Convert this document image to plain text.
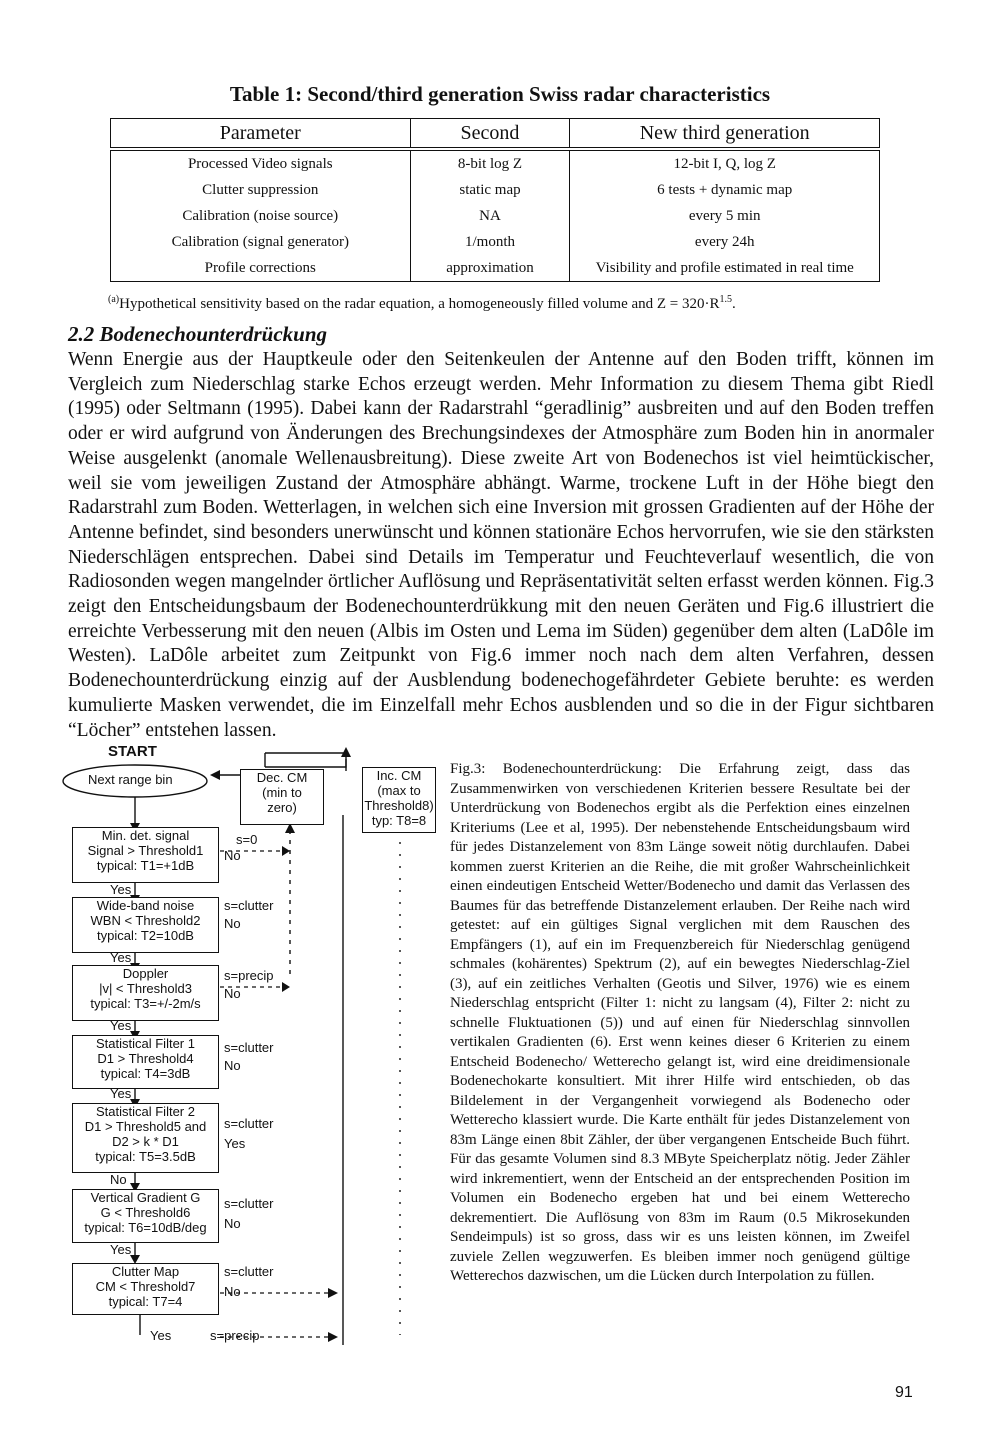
Table 1: Second/third generation Swiss radar characteristics
Parameter	Second	New third generation
Processed Video signals	8-bit log Z	12-bit I, Q, log Z
Clutter suppression	static map	6 tests + dynamic map
Calibration (noise source)	NA	every 5 min
Calibration (signal generator)	1/month	every 24h
Profile corrections	approximation	Visibility and profile estimated in real time
$^{(a)}$Hypothetical sensitivity based on the radar equation, a homogeneously filled volume and $Z = 320\cdot R^{1.5}$.
2.2 Bodenechounterdrückung
Wenn Energie aus der Hauptkeule oder den Seitenkeulen der Antenne auf den Boden trifft, können im Vergleich zum Niederschlag starke Echos erzeugt werden. Mehr Information zu diesem Thema gibt Riedl (1995) oder Seltmann (1995). Dabei kann der Radarstrahl “geradlinig” ausbreiten und auf den Boden treffen oder er wird aufgrund von Änderungen des Brechungsindexes der Atmosphäre zum Boden hin in anormaler Weise ausgelenkt (anomale Wellenausbreitung). Diese zweite Art von Bodenechos ist viel heimtückischer, weil sie vom jeweiligen Zustand der Atmosphäre abhängt. Warme, trockene Luft in der Höhe biegt den Radarstrahl zum Boden. Wetterlagen, in welchen sich eine Inversion mit grossen Gradienten auf der Höhe der Antenne befindet, sind besonders unerwünscht und können stationäre Echos hervorrufen, wie sie den stärksten Niederschlägen entsprechen. Dabei sind Details im Temperatur und Feuchteverlauf wesentlich, die von Radiosonden wegen mangelnder örtlicher Auflösung und Repräsentativität selten erfasst werden können. Fig.3 zeigt den Entscheidungsbaum der Bodenechounterdrükkung mit den neuen Geräten und Fig.6 illustriert die erreichte Verbesserung mit den neuen (Albis im Osten und Lema im Süden) gegenüber dem alten (LaDôle im Westen). LaDôle arbeitet zum Zeitpunkt von Fig.6 immer noch nach dem alten Verfahren, dessen Bodenechounterdrückung einzig auf der Ausblendung bodenechogefährdeter Gebiete beruhte: es werden kumulierte Masken verwendet, die im Einzelfall mehr Echos ausblenden und so die in der Figur sichtbaren “Löcher” entstehen lassen.
START
Next range bin	Dec. CM
(min to
zero)
Inc. CM
(max to
Threshold8)
typ: T8=8
Min. det. signal
Signal > Threshold1
typical: T1=+1dB
s=0
No
Yes
Wide-band noise
WBN < Threshold2
typical: T2=10dB
s=clutter
No
Yes
Doppler
|v| < Threshold3
typical: T3=+/-2m/s
s=precip
No
Yes
Statistical Filter 1
D1 > Threshold4
typical: T4=3dB
s=clutter
No
Yes
Statistical Filter 2
D1 > Threshold5 and
D2 > k * D1
typical: T5=3.5dB
s=clutter
Yes
No
Vertical Gradient G
G < Threshold6
typical: T6=10dB/deg
s=clutter
No
Yes
Clutter Map
CM < Threshold7
typical: T7=4
s=clutter
No
Yes	s=precip
Fig.3: Bodenechounterdrückung: Die Erfahrung zeigt, dass das Zusammenwirken von verschiedenen Kriterien bessere Resultate bei der Unterdrückung von Bodenechos ergibt als die Perfektion eines einzelnen Kriteriums (Lee et al, 1995). Der nebenstehende Entscheidungsbaum wird für jedes Distanzelement von 83m Länge soweit nötig durchlaufen. Dabei kommen zuerst Kriterien an die Reihe, die mit großer Wahrscheinlichkeit einen eindeutigen Entscheid Wetter/Bodenecho und damit das Verlassen des Baumes für das betreffende Distanzelement erlauben. Der Reihe nach wird getestet: auf ein gültiges Signal verglichen mit dem Rauschen des Empfängers (1), auf ein im Frequenzbereich für Niederschlag genügend schmales (kohärentes) Spektrum (2), auf ein bewegtes Niederschlag-Ziel (3), auf ein zeitliches Verhalten (Geotis und Silver, 1976) wie es einem Niederschlag entspricht (Filter 1: nicht zu langsam (4), Filter 2: nicht zu schnelle Fluktuationen (5)) und auf einen für Niederschlag sinnvollen vertikalen Gradienten (6). Erst wenn keines dieser 6 Kriterien zu einem Entscheid Bodenecho/ Wetterecho gelangt ist, wird eine dreidimensionale Bodenechokarte konsultiert. Mit ihrer Hilfe wird entschieden, ob das Bildelement in der Vergangenheit vorwiegend als Bodenecho oder Wetterecho klassiert wurde. Die Karte enthält für jedes Distanzelement von 83m Länge einen 8bit Zähler, der über vergangenen Entscheide Buch führt. Für das gesamte Volumen sind 8.3 MByte Speicherplatz nötig. Jeder Zähler wird inkrementiert, wenn der Entscheid an der entsprechenden Position im Volumen ein Bodenecho ergeben hat und bei einem Wetterecho dekrementiert. Die Auflösung von 83m im Raum (0.5 Mikrosekunden Sendeimpuls) ist so gross, dass wir es uns leisten können, im Zweifel zuviele Zellen wegzuwerfen. Es bleiben immer noch genügend gültige Wetterechos dazwischen, um die Lücken durch Interpolation zu füllen.
91
